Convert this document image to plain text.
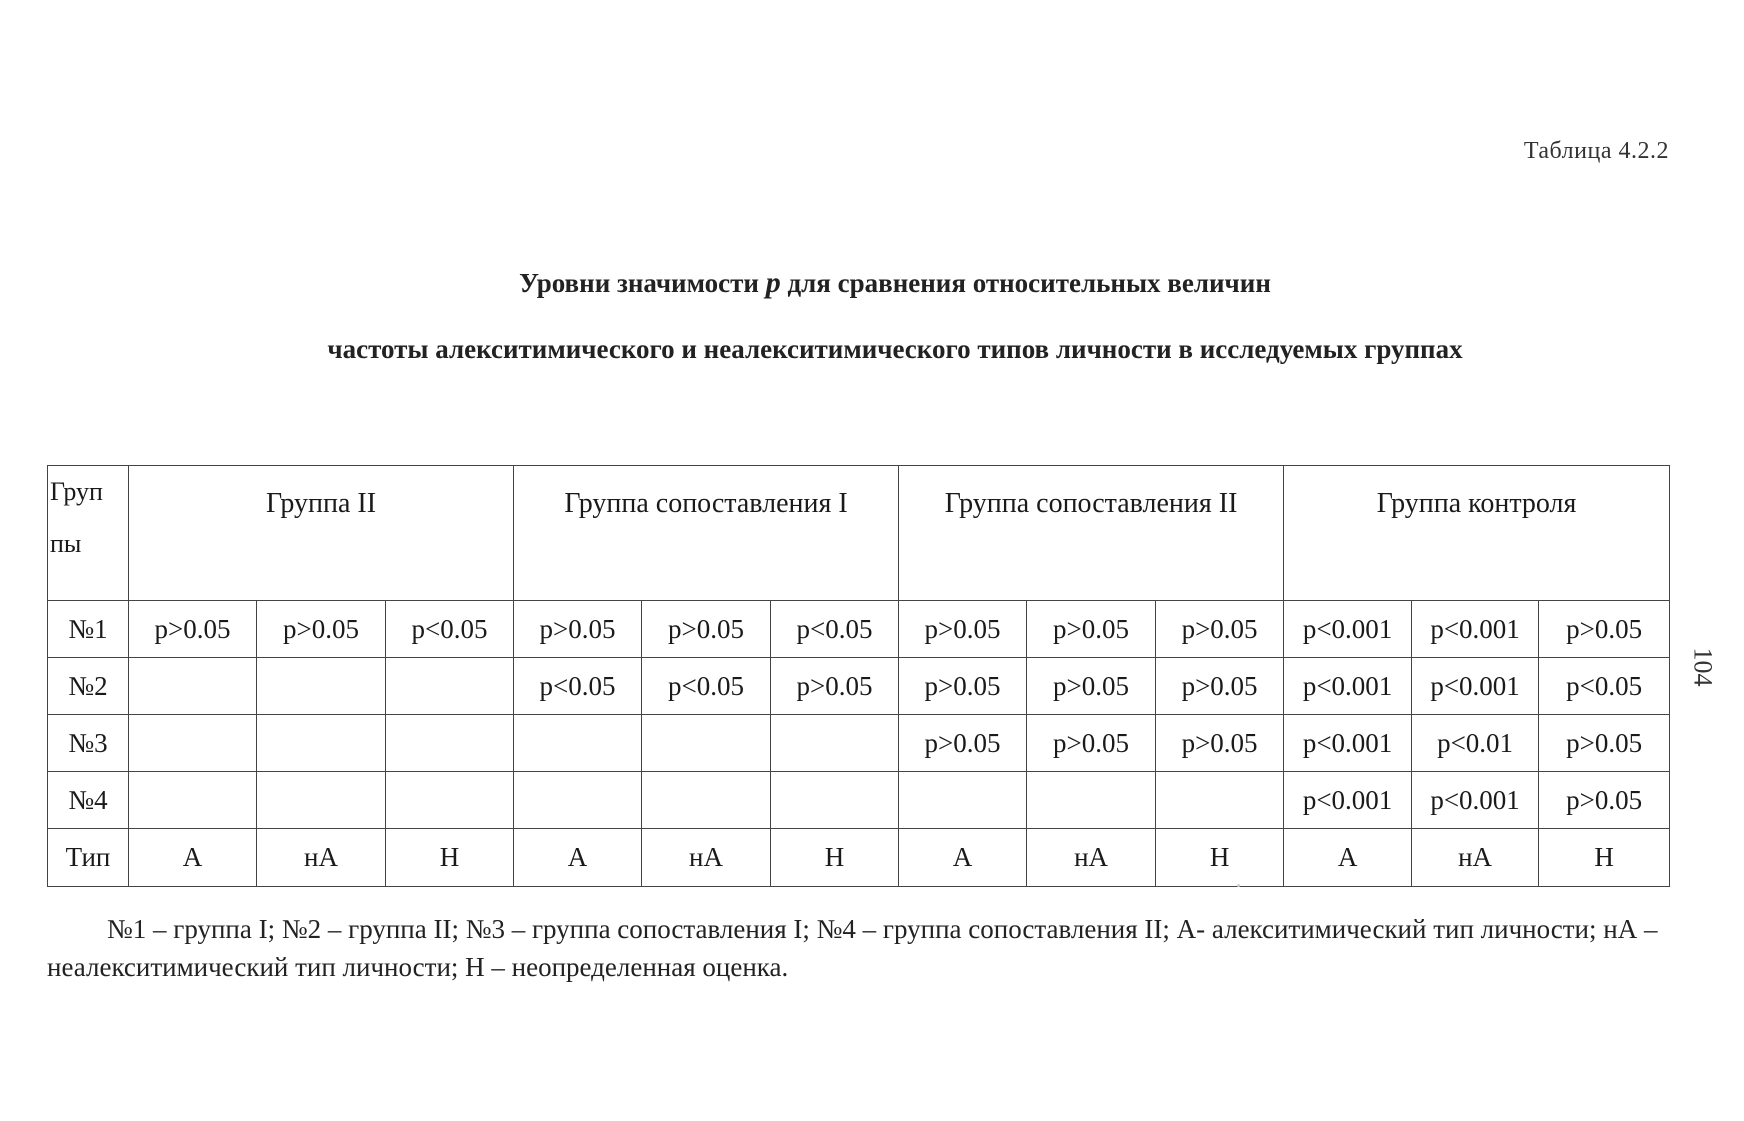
Таблица 4.2.2
Уровни значимости p для сравнения относительных величин
частоты алекситимического и неалекситимического типов личности в исследуемых группах
Груп пы	Группа II			Группа сопоставления I			Группа сопоставления II			Группа контроля		
№1	p>0.05	p>0.05	p<0.05	p>0.05	p>0.05	p<0.05	p>0.05	p>0.05	p>0.05	p<0.001	p<0.001	p>0.05
№2				p<0.05	p<0.05	p>0.05	p>0.05	p>0.05	p>0.05	p<0.001	p<0.001	p<0.05
№3							p>0.05	p>0.05	p>0.05	p<0.001	p<0.01	p>0.05
№4										p<0.001	p<0.001	p>0.05
Тип	А	нА	Н	А	нА	Н	А	нА	Н	А	нА	Н
104
№1 – группа I; №2 – группа II; №3 – группа сопоставления I; №4 – группа сопоставления II; А- алекситимический тип личности; нА – неалекситимический тип личности; Н – неопределенная оценка.
